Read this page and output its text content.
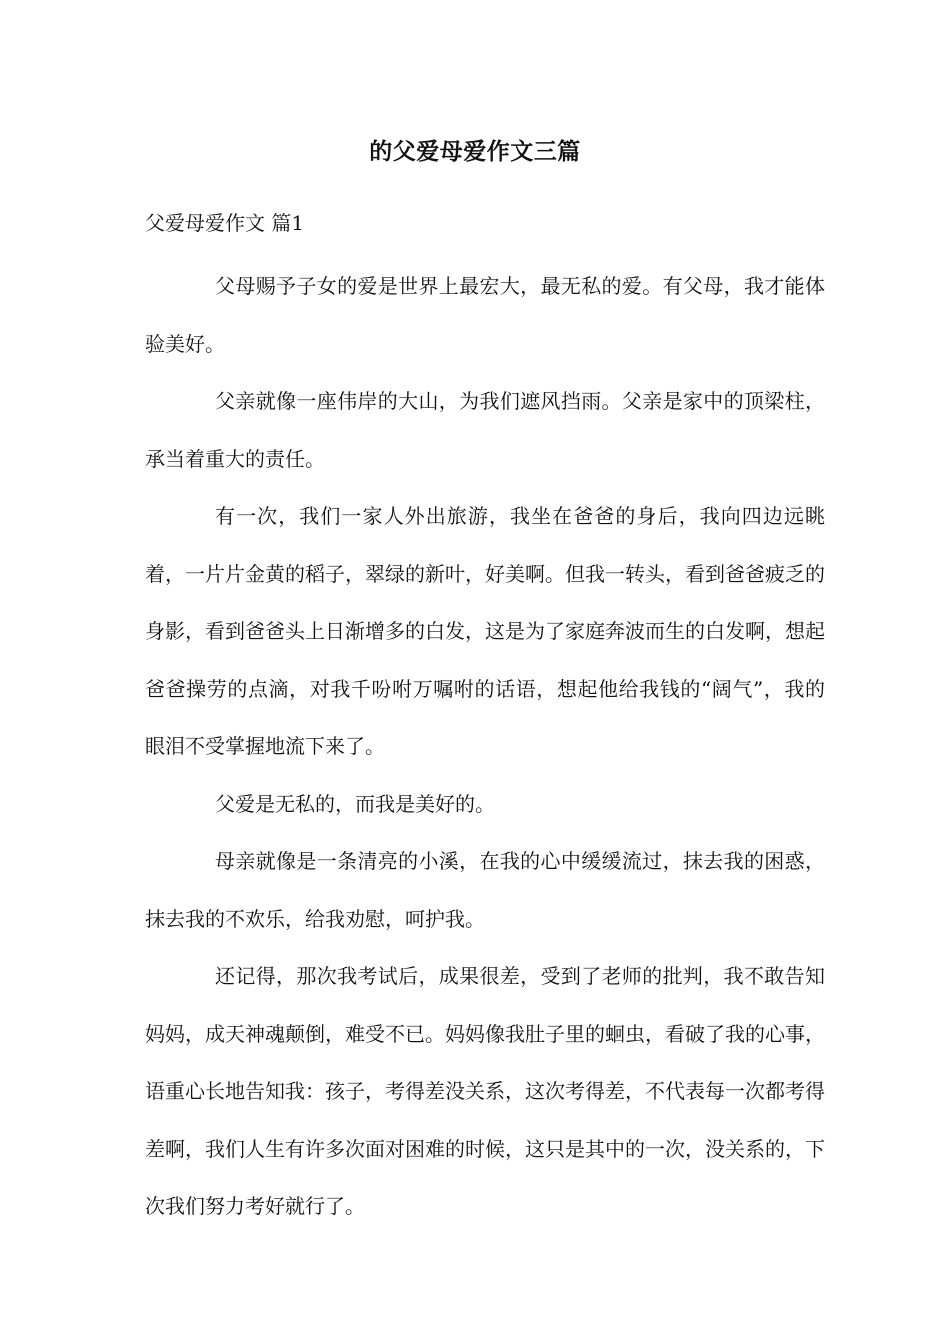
的父爱母爱作文三篇
父爱母爱作文 篇1

父母赐予子女的爱是世界上最宏大，最无私的爱。有父母，我才能体验美好。

父亲就像一座伟岸的大山，为我们遮风挡雨。父亲是家中的顶梁柱，承当着重大的责任。

有一次，我们一家人外出旅游，我坐在爸爸的身后，我向四边远眺着，一片片金黄的稻子，翠绿的新叶，好美啊。但我一转头，看到爸爸疲乏的身影，看到爸爸头上日渐增多的白发，这是为了家庭奔波而生的白发啊，想起爸爸操劳的点滴，对我千吩咐万嘱咐的话语，想起他给我钱的“阔气”，我的眼泪不受掌握地流下来了。

父爱是无私的，而我是美好的。

母亲就像是一条清亮的小溪，在我的心中缓缓流过，抹去我的困惑，抹去我的不欢乐，给我劝慰，呵护我。

还记得，那次我考试后，成果很差，受到了老师的批判，我不敢告知妈妈，成天神魂颠倒，难受不已。妈妈像我肚子里的蛔虫，看破了我的心事，语重心长地告知我：孩子，考得差没关系，这次考得差，不代表每一次都考得差啊，我们人生有许多次面对困难的时候，这只是其中的一次，没关系的，下次我们努力考好就行了。
